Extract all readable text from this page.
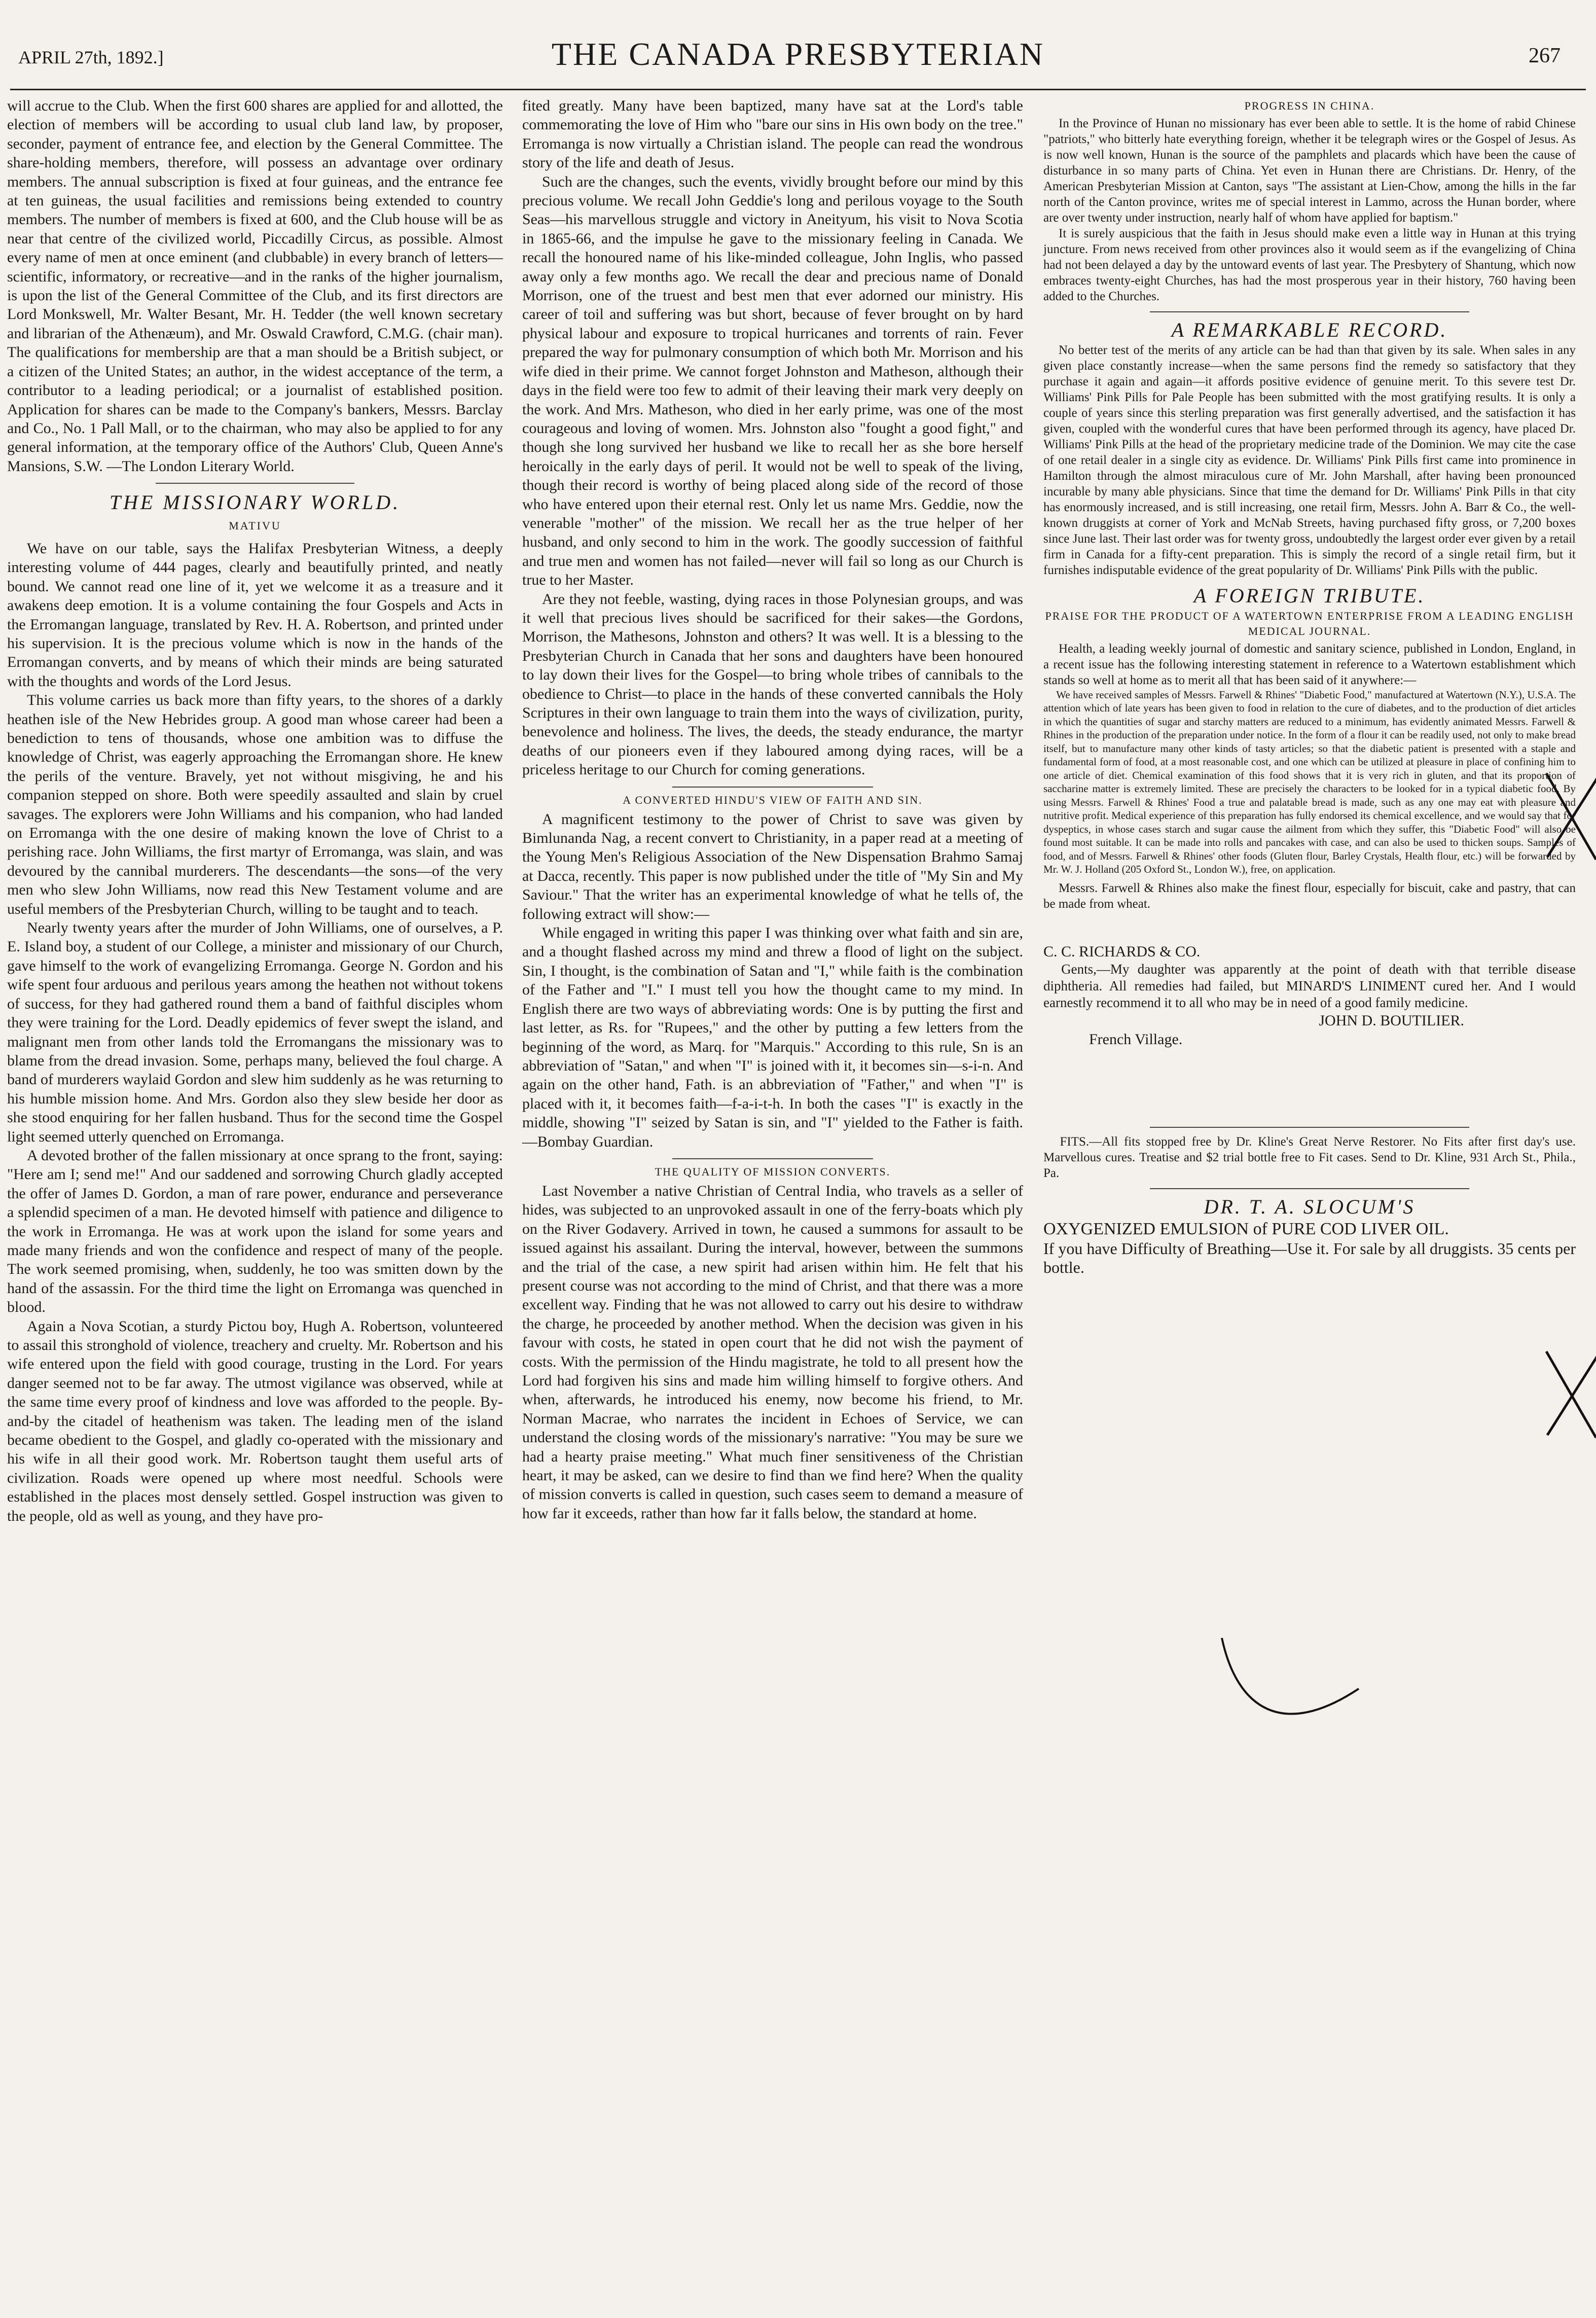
APRIL 27th, 1892.]	THE CANADA PRESBYTERIAN	267

will accrue to the Club. When the first 600 shares are applied for and allotted, the election of members will be according to usual club land law, by proposer, seconder, payment of entrance fee, and election by the General Committee. The share-holding members, therefore, will possess an advantage over ordinary members. The annual subscription is fixed at four guineas, and the entrance fee at ten guineas, the usual facilities and remissions being extended to country members. The number of members is fixed at 600, and the Club house will be as near that centre of the civilized world, Piccadilly Circus, as possible. Almost every name of men at once eminent (and clubbable) in every branch of letters—scientific, informatory, or recreative—and in the ranks of the higher journalism, is upon the list of the General Committee of the Club, and its first directors are Lord Monkswell, Mr. Walter Besant, Mr. H. Tedder (the well known secretary and librarian of the Athenæum), and Mr. Oswald Crawford, C.M.G. (chair man). The qualifications for membership are that a man should be a British subject, or a citizen of the United States; an author, in the widest acceptance of the term, a contributor to a leading periodical; or a journalist of established position. Application for shares can be made to the Company's bankers, Messrs. Barclay and Co., No. 1 Pall Mall, or to the chairman, who may also be applied to for any general information, at the temporary office of the Authors' Club, Queen Anne's Mansions, S.W. —The London Literary World.

THE MISSIONARY WORLD.
MATIVU

We have on our table, says the Halifax Presbyterian Witness, a deeply interesting volume of 444 pages, clearly and beautifully printed, and neatly bound. We cannot read one line of it, yet we welcome it as a treasure and it awakens deep emotion. It is a volume containing the four Gospels and Acts in the Erromangan language, translated by Rev. H. A. Robertson, and printed under his supervision. It is the precious volume which is now in the hands of the Erromangan converts, and by means of which their minds are being saturated with the thoughts and words of the Lord Jesus.

This volume carries us back more than fifty years, to the shores of a darkly heathen isle of the New Hebrides group. A good man whose career had been a benediction to tens of thousands, whose one ambition was to diffuse the knowledge of Christ, was eagerly approaching the Erromangan shore. He knew the perils of the venture. Bravely, yet not without misgiving, he and his companion stepped on shore. Both were speedily assaulted and slain by cruel savages. The explorers were John Williams and his companion, who had landed on Erromanga with the one desire of making known the love of Christ to a perishing race. John Williams, the first martyr of Erromanga, was slain, and was devoured by the cannibal murderers. The descendants—the sons—of the very men who slew John Williams, now read this New Testament volume and are useful members of the Presbyterian Church, willing to be taught and to teach.

Nearly twenty years after the murder of John Williams, one of ourselves, a P. E. Island boy, a student of our College, a minister and missionary of our Church, gave himself to the work of evangelizing Erromanga. George N. Gordon and his wife spent four arduous and perilous years among the heathen not without tokens of success, for they had gathered round them a band of faithful disciples whom they were training for the Lord. Deadly epidemics of fever swept the island, and malignant men from other lands told the Erromangans the missionary was to blame from the dread invasion. Some, perhaps many, believed the foul charge. A band of murderers waylaid Gordon and slew him suddenly as he was returning to his humble mission home. And Mrs. Gordon also they slew beside her door as she stood enquiring for her fallen husband. Thus for the second time the Gospel light seemed utterly quenched on Erromanga.

A devoted brother of the fallen missionary at once sprang to the front, saying: "Here am I; send me!" And our saddened and sorrowing Church gladly accepted the offer of James D. Gordon, a man of rare power, endurance and perseverance a splendid specimen of a man. He devoted himself with patience and diligence to the work in Erromanga. He was at work upon the island for some years and made many friends and won the confidence and respect of many of the people. The work seemed promising, when, suddenly, he too was smitten down by the hand of the assassin. For the third time the light on Erromanga was quenched in blood.

Again a Nova Scotian, a sturdy Pictou boy, Hugh A. Robertson, volunteered to assail this stronghold of violence, treachery and cruelty. Mr. Robertson and his wife entered upon the field with good courage, trusting in the Lord. For years danger seemed not to be far away. The utmost vigilance was observed, while at the same time every proof of kindness and love was afforded to the people. By-and-by the citadel of heathenism was taken. The leading men of the island became obedient to the Gospel, and gladly co-operated with the missionary and his wife in all their good work. Mr. Robertson taught them useful arts of civilization. Roads were opened up where most needful. Schools were established in the places most densely settled. Gospel instruction was given to the people, old as well as young, and they have pro-

fited greatly. Many have been baptized, many have sat at the Lord's table commemorating the love of Him who "bare our sins in His own body on the tree." Erromanga is now virtually a Christian island. The people can read the wondrous story of the life and death of Jesus.

Such are the changes, such the events, vividly brought before our mind by this precious volume. We recall John Geddie's long and perilous voyage to the South Seas—his marvellous struggle and victory in Aneityum, his visit to Nova Scotia in 1865-66, and the impulse he gave to the missionary feeling in Canada. We recall the honoured name of his like-minded colleague, John Inglis, who passed away only a few months ago. We recall the dear and precious name of Donald Morrison, one of the truest and best men that ever adorned our ministry. His career of toil and suffering was but short, because of fever brought on by hard physical labour and exposure to tropical hurricanes and torrents of rain. Fever prepared the way for pulmonary consumption of which both Mr. Morrison and his wife died in their prime. We cannot forget Johnston and Matheson, although their days in the field were too few to admit of their leaving their mark very deeply on the work. And Mrs. Matheson, who died in her early prime, was one of the most courageous and loving of women. Mrs. Johnston also "fought a good fight," and though she long survived her husband we like to recall her as she bore herself heroically in the early days of peril. It would not be well to speak of the living, though their record is worthy of being placed along side of the record of those who have entered upon their eternal rest. Only let us name Mrs. Geddie, now the venerable "mother" of the mission. We recall her as the true helper of her husband, and only second to him in the work. The goodly succession of faithful and true men and women has not failed—never will fail so long as our Church is true to her Master.

Are they not feeble, wasting, dying races in those Polynesian groups, and was it well that precious lives should be sacrificed for their sakes—the Gordons, Morrison, the Mathesons, Johnston and others? It was well. It is a blessing to the Presbyterian Church in Canada that her sons and daughters have been honoured to lay down their lives for the Gospel—to bring whole tribes of cannibals to the obedience to Christ—to place in the hands of these converted cannibals the Holy Scriptures in their own language to train them into the ways of civilization, purity, benevolence and holiness. The lives, the deeds, the steady endurance, the martyr deaths of our pioneers even if they laboured among dying races, will be a priceless heritage to our Church for coming generations.

A CONVERTED HINDU'S VIEW OF FAITH AND SIN.

A magnificent testimony to the power of Christ to save was given by Bimlunanda Nag, a recent convert to Christianity, in a paper read at a meeting of the Young Men's Religious Association of the New Dispensation Brahmo Samaj at Dacca, recently. This paper is now published under the title of "My Sin and My Saviour." That the writer has an experimental knowledge of what he tells of, the following extract will show:—

While engaged in writing this paper I was thinking over what faith and sin are, and a thought flashed across my mind and threw a flood of light on the subject. Sin, I thought, is the combination of Satan and "I," while faith is the combination of the Father and "I." I must tell you how the thought came to my mind. In English there are two ways of abbreviating words: One is by putting the first and last letter, as Rs. for "Rupees," and the other by putting a few letters from the beginning of the word, as Marq. for "Marquis." According to this rule, Sn is an abbreviation of "Satan," and when "I" is joined with it, it becomes sin—s-i-n. And again on the other hand, Fath. is an abbreviation of "Father," and when "I" is placed with it, it becomes faith—f-a-i-t-h. In both the cases "I" is exactly in the middle, showing "I" seized by Satan is sin, and "I" yielded to the Father is faith.—Bombay Guardian.

THE QUALITY OF MISSION CONVERTS.

Last November a native Christian of Central India, who travels as a seller of hides, was subjected to an unprovoked assault in one of the ferry-boats which ply on the River Godavery. Arrived in town, he caused a summons for assault to be issued against his assailant. During the interval, however, between the summons and the trial of the case, a new spirit had arisen within him. He felt that his present course was not according to the mind of Christ, and that there was a more excellent way. Finding that he was not allowed to carry out his desire to withdraw the charge, he proceeded by another method. When the decision was given in his favour with costs, he stated in open court that he did not wish the payment of costs. With the permission of the Hindu magistrate, he told to all present how the Lord had forgiven his sins and made him willing himself to forgive others. And when, afterwards, he introduced his enemy, now become his friend, to Mr. Norman Macrae, who narrates the incident in Echoes of Service, we can understand the closing words of the missionary's narrative: "You may be sure we had a hearty praise meeting." What much finer sensitiveness of the Christian heart, it may be asked, can we desire to find than we find here? When the quality of mission converts is called in question, such cases seem to demand a measure of how far it exceeds, rather than how far it falls below, the standard at home.

PROGRESS IN CHINA.

In the Province of Hunan no missionary has ever been able to settle. It is the home of rabid Chinese "patriots," who bitterly hate everything foreign, whether it be telegraph wires or the Gospel of Jesus. As is now well known, Hunan is the source of the pamphlets and placards which have been the cause of disturbance in so many parts of China. Yet even in Hunan there are Christians. Dr. Henry, of the American Presbyterian Mission at Canton, says "The assistant at Lien-Chow, among the hills in the far north of the Canton province, writes me of special interest in Lammo, across the Hunan border, where are over twenty under instruction, nearly half of whom have applied for baptism."

It is surely auspicious that the faith in Jesus should make even a little way in Hunan at this trying juncture. From news received from other provinces also it would seem as if the evangelizing of China had not been delayed a day by the untoward events of last year. The Presbytery of Shantung, which now embraces twenty-eight Churches, has had the most prosperous year in their history, 760 having been added to the Churches.

A REMARKABLE RECORD.

No better test of the merits of any article can be had than that given by its sale. When sales in any given place constantly increase—when the same persons find the remedy so satisfactory that they purchase it again and again—it affords positive evidence of genuine merit. To this severe test Dr. Williams' Pink Pills for Pale People has been submitted with the most gratifying results. It is only a couple of years since this sterling preparation was first generally advertised, and the satisfaction it has given, coupled with the wonderful cures that have been performed through its agency, have placed Dr. Williams' Pink Pills at the head of the proprietary medicine trade of the Dominion. We may cite the case of one retail dealer in a single city as evidence. Dr. Williams' Pink Pills first came into prominence in Hamilton through the almost miraculous cure of Mr. John Marshall, after having been pronounced incurable by many able physicians. Since that time the demand for Dr. Williams' Pink Pills in that city has enormously increased, and is still increasing, one retail firm, Messrs. John A. Barr & Co., the well-known druggists at corner of York and McNab Streets, having purchased fifty gross, or 7,200 boxes since June last. Their last order was for twenty gross, undoubtedly the largest order ever given by a retail firm in Canada for a fifty-cent preparation. This is simply the record of a single retail firm, but it furnishes indisputable evidence of the great popularity of Dr. Williams' Pink Pills with the public.

A FOREIGN TRIBUTE.
PRAISE FOR THE PRODUCT OF A WATERTOWN ENTERPRISE FROM A LEADING ENGLISH MEDICAL JOURNAL.

Health, a leading weekly journal of domestic and sanitary science, published in London, England, in a recent issue has the following interesting statement in reference to a Watertown establishment which stands so well at home as to merit all that has been said of it anywhere:—

We have received samples of Messrs. Farwell & Rhines' "Diabetic Food," manufactured at Watertown (N.Y.), U.S.A. The attention which of late years has been given to food in relation to the cure of diabetes, and to the production of diet articles in which the quantities of sugar and starchy matters are reduced to a minimum, has evidently animated Messrs. Farwell & Rhines in the production of the preparation under notice. In the form of a flour it can be readily used, not only to make bread itself, but to manufacture many other kinds of tasty articles; so that the diabetic patient is presented with a staple and fundamental form of food, at a most reasonable cost, and one which can be utilized at pleasure in place of confining him to one article of diet. Chemical examination of this food shows that it is very rich in gluten, and that its proportion of saccharine matter is extremely limited. These are precisely the characters to be looked for in a typical diabetic food. By using Messrs. Farwell & Rhines' Food a true and palatable bread is made, such as any one may eat with pleasure and nutritive profit. Medical experience of this preparation has fully endorsed its chemical excellence, and we would say that for dyspeptics, in whose cases starch and sugar cause the ailment from which they suffer, this "Diabetic Food" will also be found most suitable. It can be made into rolls and pancakes with case, and can also be used to thicken soups. Samples of food, and of Messrs. Farwell & Rhines' other foods (Gluten flour, Barley Crystals, Health flour, etc.) will be forwarded by Mr. W. J. Holland (205 Oxford St., London W.), free, on application.

Messrs. Farwell & Rhines also make the finest flour, especially for biscuit, cake and pastry, that can be made from wheat.

C. C. RICHARDS & CO.

Gents,—My daughter was apparently at the point of death with that terrible disease diphtheria. All remedies had failed, but MINARD'S LINIMENT cured her. And I would earnestly recommend it to all who may be in need of a good family medicine.

JOHN D. BOUTILIER.

French Village.

FITS.—All fits stopped free by Dr. Kline's Great Nerve Restorer. No Fits after first day's use. Marvellous cures. Treatise and $2 trial bottle free to Fit cases. Send to Dr. Kline, 931 Arch St., Phila., Pa.

DR. T. A. SLOCUM'S

OXYGENIZED EMULSION of PURE COD LIVER OIL.

If you have Difficulty of Breathing—Use it. For sale by all druggists. 35 cents per bottle.
